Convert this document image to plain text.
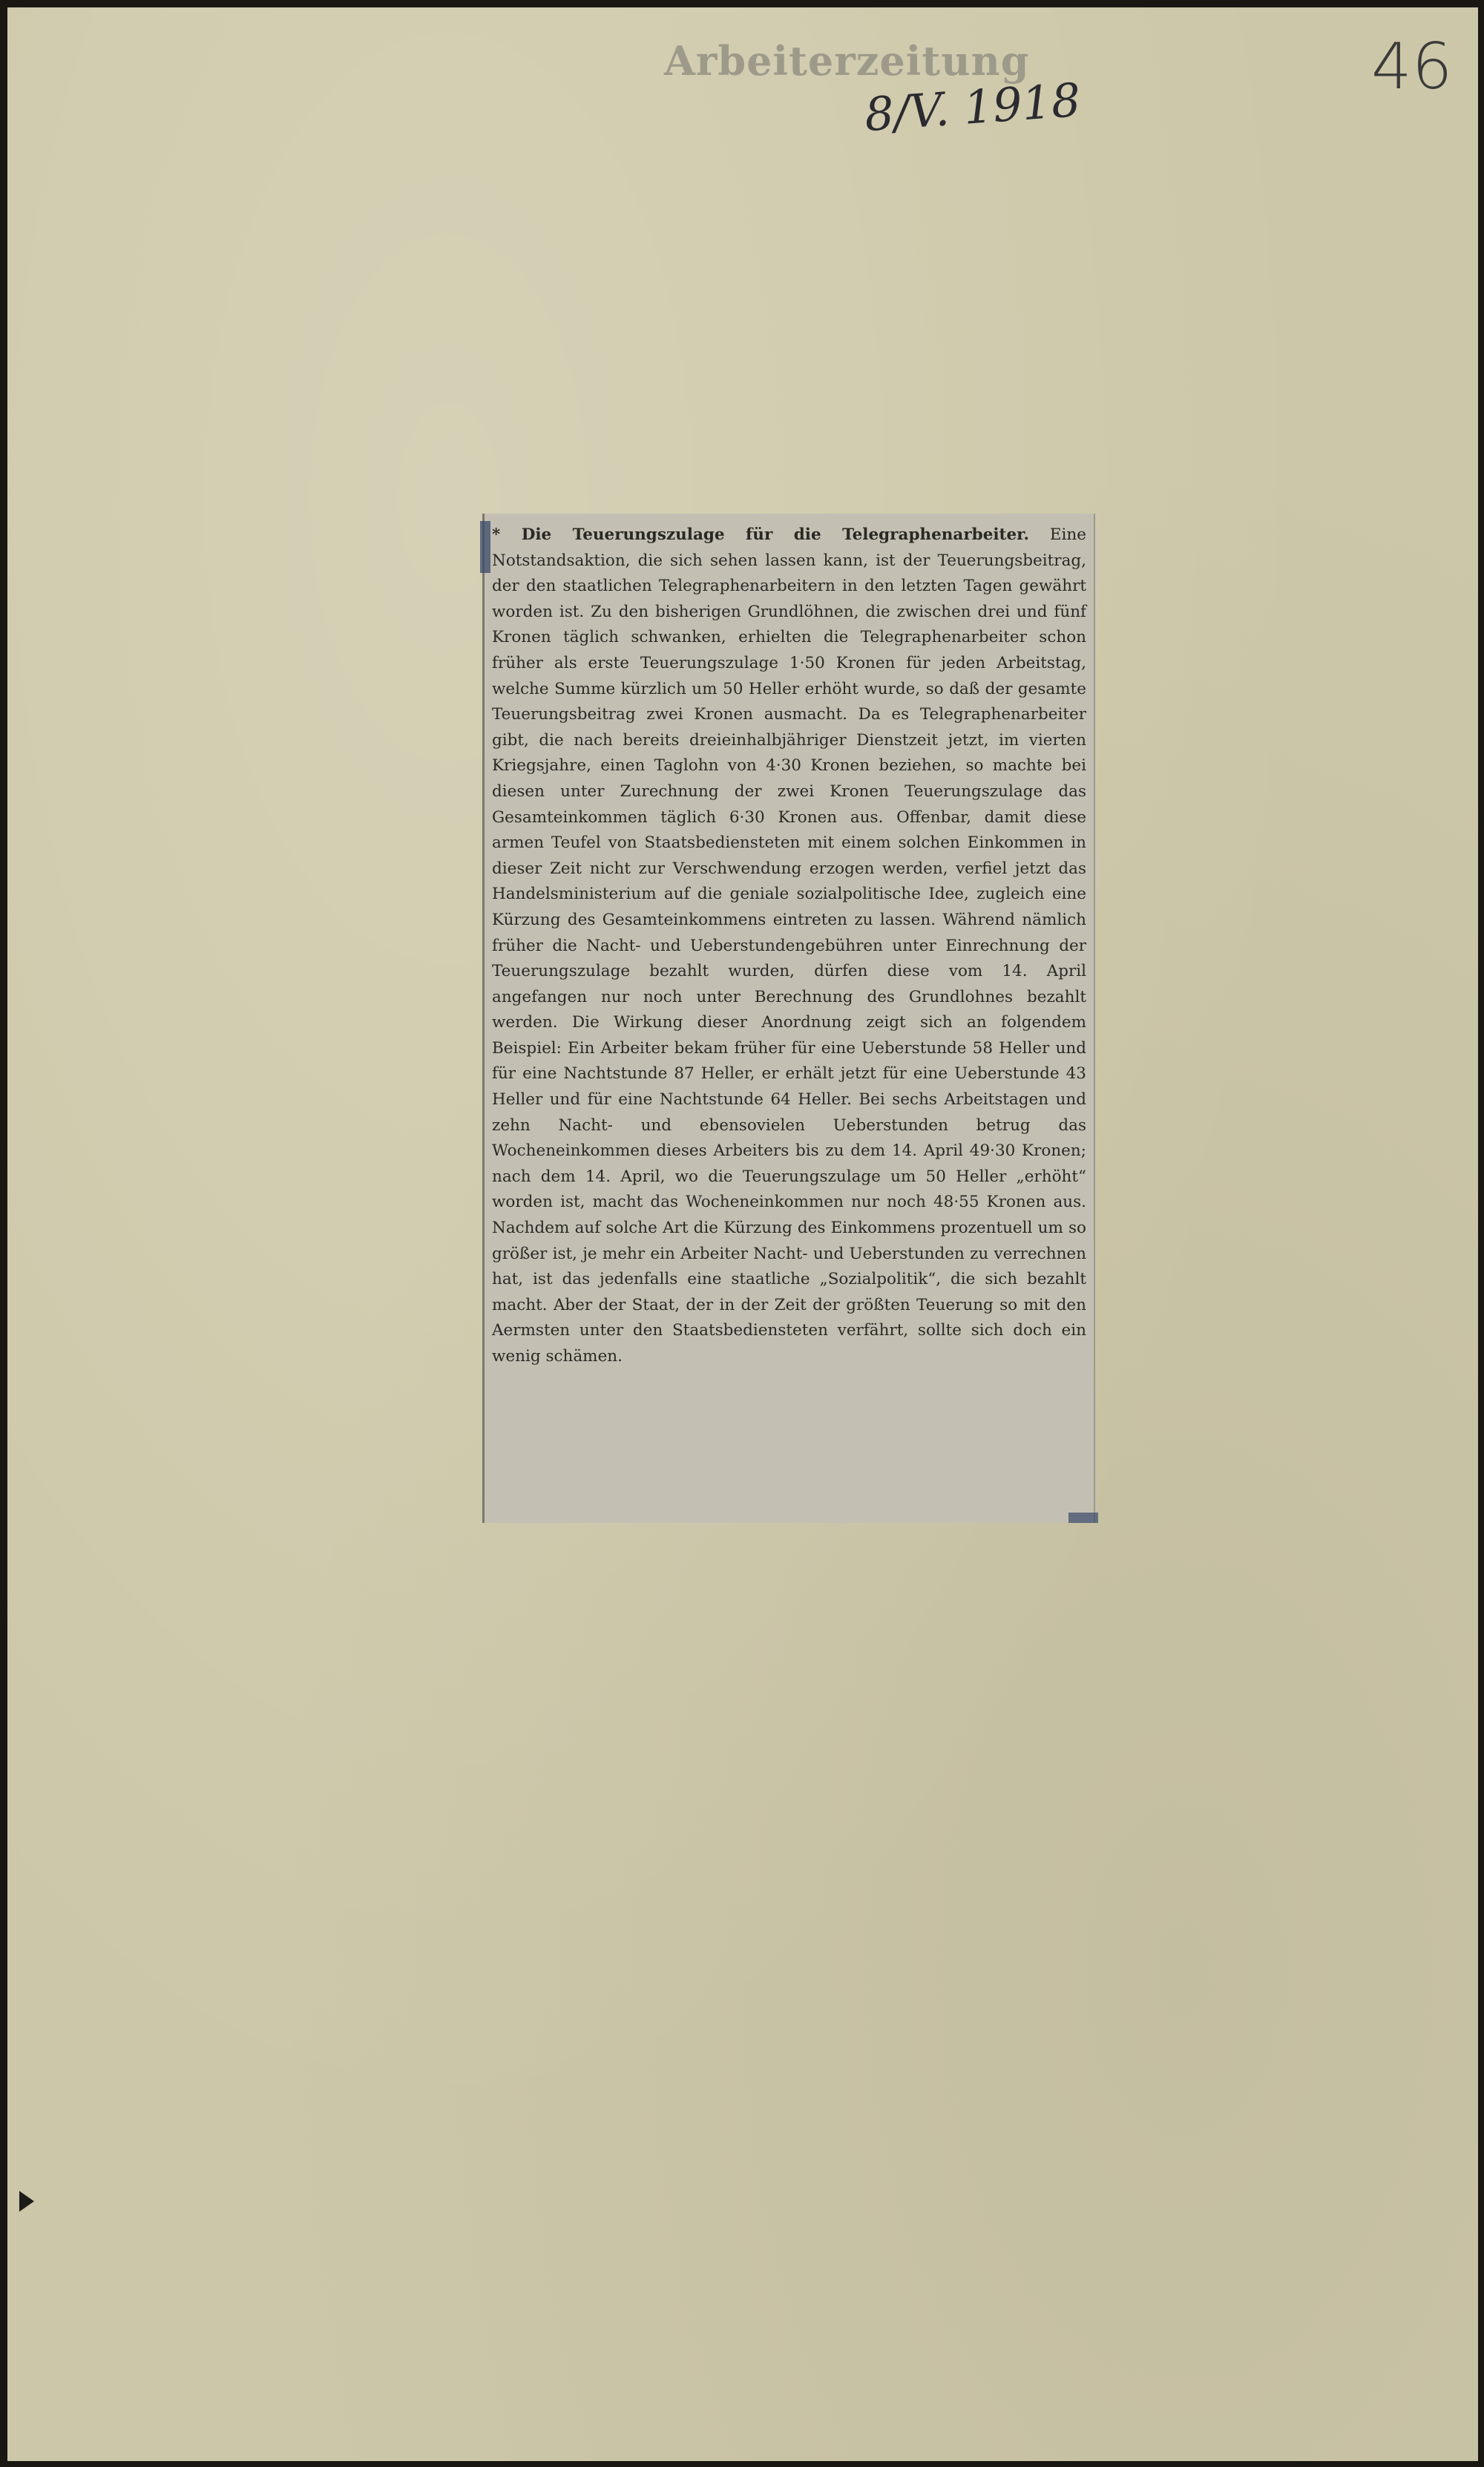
Arbeiterzeitung
8/V. 1918
46
* Die Teuerungszulage für die Telegraphenarbeiter. Eine Notstandsaktion, die sich sehen lassen kann, ist der Teuerungsbeitrag, der den staatlichen Telegraphenarbeitern in den letzten Tagen gewährt worden ist. Zu den bisherigen Grundlöhnen, die zwischen drei und fünf Kronen täglich schwanken, erhielten die Telegraphenarbeiter schon früher als erste Teuerungszulage 1·50 Kronen für jeden Arbeitstag, welche Summe kürzlich um 50 Heller erhöht wurde, so daß der gesamte Teuerungsbeitrag zwei Kronen ausmacht. Da es Telegraphenarbeiter gibt, die nach bereits dreieinhalbjähriger Dienstzeit jetzt, im vierten Kriegsjahre, einen Taglohn von 4·30 Kronen beziehen, so machte bei diesen unter Zurechnung der zwei Kronen Teuerungszulage das Gesamteinkommen täglich 6·30 Kronen aus. Offenbar, damit diese armen Teufel von Staatsbediensteten mit einem solchen Einkommen in dieser Zeit nicht zur Verschwendung erzogen werden, verfiel jetzt das Handelsministerium auf die geniale sozialpolitische Idee, zugleich eine Kürzung des Gesamteinkommens eintreten zu lassen. Während nämlich früher die Nacht- und Ueberstundengebühren unter Einrechnung der Teuerungszulage bezahlt wurden, dürfen diese vom 14. April angefangen nur noch unter Berechnung des Grundlohnes bezahlt werden. Die Wirkung dieser Anordnung zeigt sich an folgendem Beispiel: Ein Arbeiter bekam früher für eine Ueberstunde 58 Heller und für eine Nachtstunde 87 Heller, er erhält jetzt für eine Ueberstunde 43 Heller und für eine Nachtstunde 64 Heller. Bei sechs Arbeitstagen und zehn Nacht- und ebensovielen Ueberstunden betrug das Wocheneinkommen dieses Arbeiters bis zu dem 14. April 49·30 Kronen; nach dem 14. April, wo die Teuerungszulage um 50 Heller „erhöht“ worden ist, macht das Wocheneinkommen nur noch 48·55 Kronen aus. Nachdem auf solche Art die Kürzung des Einkommens prozentuell um so größer ist, je mehr ein Arbeiter Nacht- und Ueberstunden zu verrechnen hat, ist das jedenfalls eine staatliche „Sozialpolitik“, die sich bezahlt macht. Aber der Staat, der in der Zeit der größten Teuerung so mit den Aermsten unter den Staatsbediensteten verfährt, sollte sich doch ein wenig schämen.
